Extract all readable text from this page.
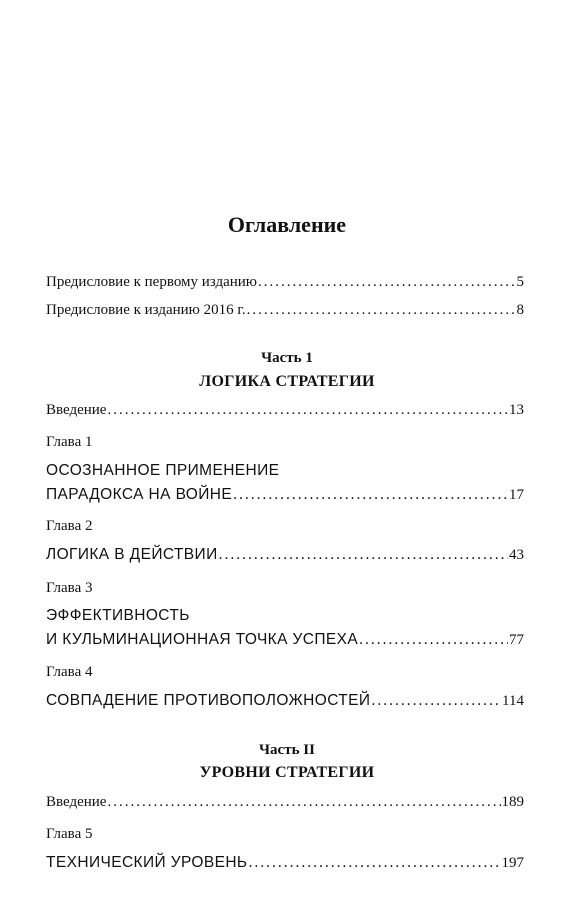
Оглавление
Предисловие к первому изданию .....	5
Предисловие к изданию 2016 г. .....	8
Часть 1
ЛОГИКА СТРАТЕГИИ
Введение .....	13
Глава 1
ОСОЗНАННОЕ ПРИМЕНЕНИЕ
ПАРАДОКСА НА ВОЙНЕ .....	17
Глава 2
ЛОГИКА В ДЕЙСТВИИ .....	43
Глава 3
ЭФФЕКТИВНОСТЬ
И КУЛЬМИНАЦИОННАЯ ТОЧКА УСПЕХА .....	77
Глава 4
СОВПАДЕНИЕ ПРОТИВОПОЛОЖНОСТЕЙ .....	114
Часть II
УРОВНИ СТРАТЕГИИ
Введение .....	189
Глава 5
ТЕХНИЧЕСКИЙ УРОВЕНЬ .....	197
